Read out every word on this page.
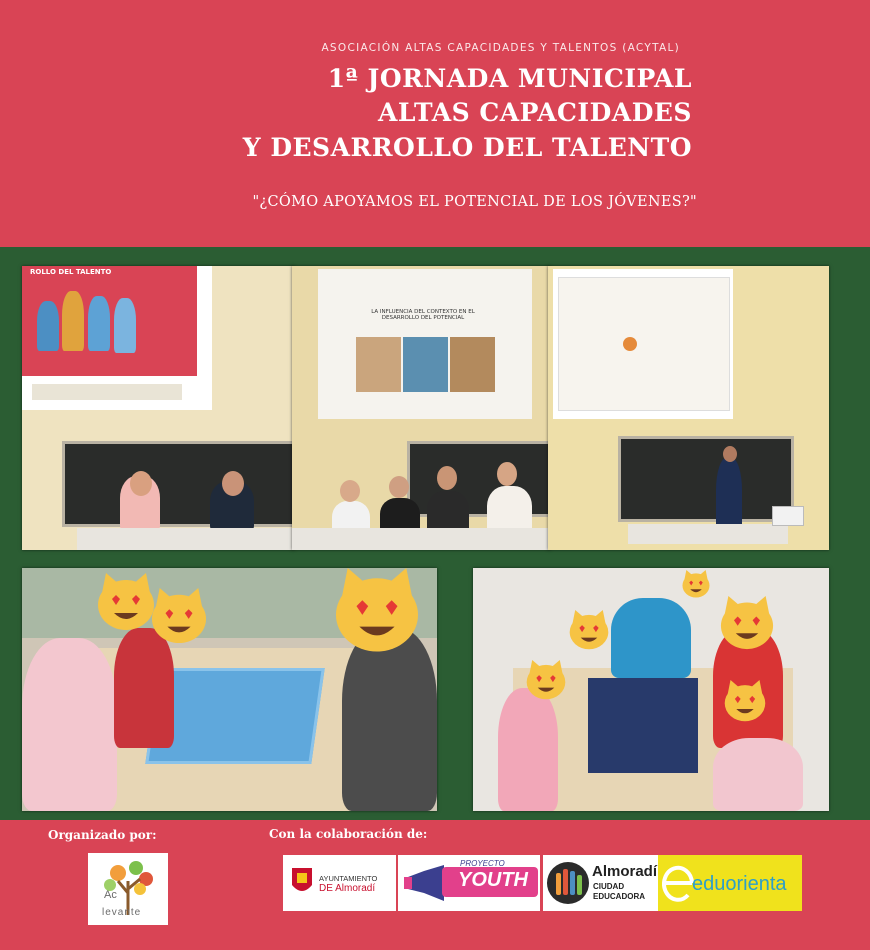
ASOCIACIÓN ALTAS CAPACIDADES Y TALENTOS (ACYTAL)
1ª JORNADA MUNICIPAL
ALTAS CAPACIDADES
Y DESARROLLO DEL TALENTO
"¿CÓMO APOYAMOS EL POTENCIAL DE LOS JÓVENES?"
ROLLO DEL TALENTO
LA INFLUENCIA DEL CONTEXTO EN EL DESARROLLO DEL POTENCIAL
Organizado por:	Con la colaboración de:
Ac
levante
AYUNTAMIENTO
DE Almoradí
PROYECTO
YOUTH	Almoradí
CIUDAD
EDUCADORA
eduorienta
